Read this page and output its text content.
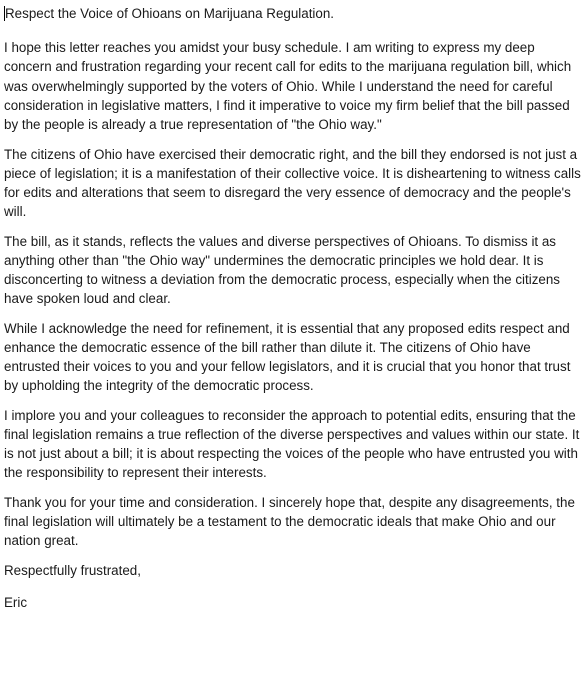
Respect the Voice of Ohioans on Marijuana Regulation.

I hope this letter reaches you amidst your busy schedule. I am writing to express my deep concern and frustration regarding your recent call for edits to the marijuana regulation bill, which was overwhelmingly supported by the voters of Ohio. While I understand the need for careful consideration in legislative matters, I find it imperative to voice my firm belief that the bill passed by the people is already a true representation of "the Ohio way."

The citizens of Ohio have exercised their democratic right, and the bill they endorsed is not just a piece of legislation; it is a manifestation of their collective voice. It is disheartening to witness calls for edits and alterations that seem to disregard the very essence of democracy and the people's will.

The bill, as it stands, reflects the values and diverse perspectives of Ohioans. To dismiss it as anything other than "the Ohio way" undermines the democratic principles we hold dear. It is disconcerting to witness a deviation from the democratic process, especially when the citizens have spoken loud and clear.

While I acknowledge the need for refinement, it is essential that any proposed edits respect and enhance the democratic essence of the bill rather than dilute it. The citizens of Ohio have entrusted their voices to you and your fellow legislators, and it is crucial that you honor that trust by upholding the integrity of the democratic process.

I implore you and your colleagues to reconsider the approach to potential edits, ensuring that the final legislation remains a true reflection of the diverse perspectives and values within our state. It is not just about a bill; it is about respecting the voices of the people who have entrusted you with the responsibility to represent their interests.

Thank you for your time and consideration. I sincerely hope that, despite any disagreements, the final legislation will ultimately be a testament to the democratic ideals that make Ohio and our nation great.

Respectfully frustrated,

Eric
